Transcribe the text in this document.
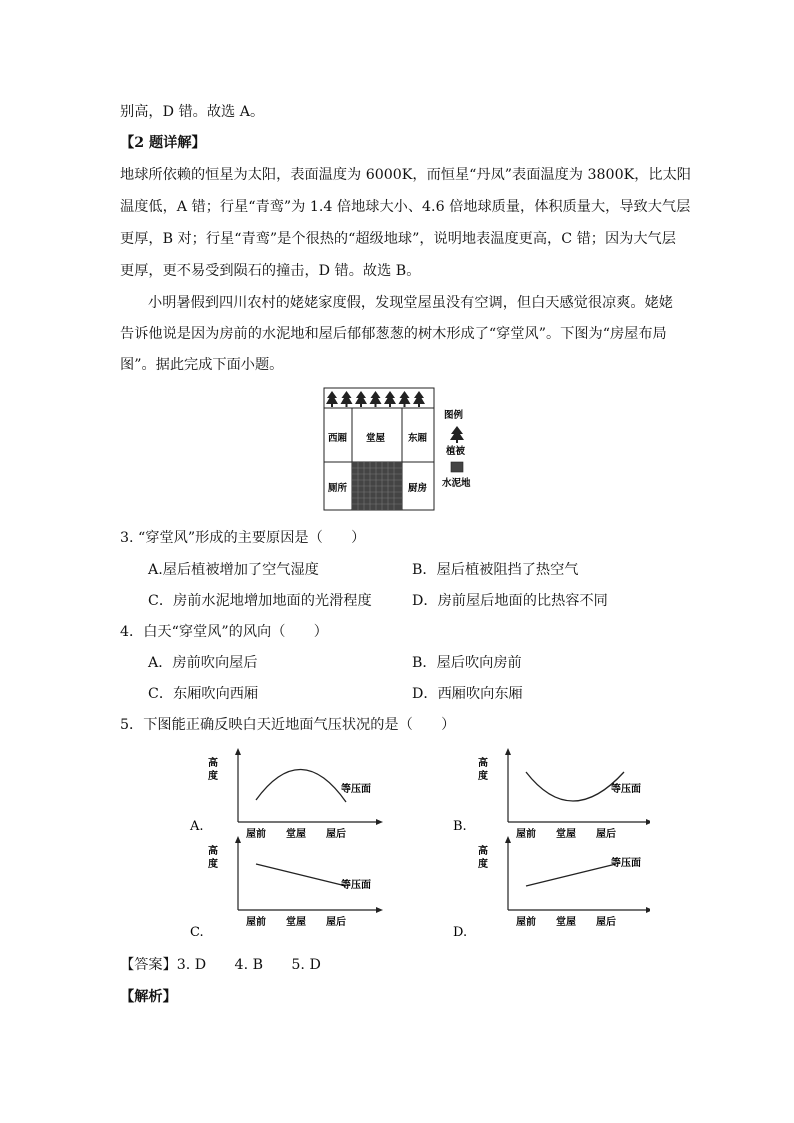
别高，D 错。故选 A。
【2 题详解】
地球所依赖的恒星为太阳，表面温度为 6000K，而恒星“丹凤”表面温度为 3800K，比太阳
温度低，A 错；行星“青鸾”为 1.4 倍地球大小、4.6 倍地球质量，体积质量大，导致大气层
更厚，B 对；行星“青鸾”是个很热的“超级地球”，说明地表温度更高，C 错；因为大气层
更厚，更不易受到陨石的撞击，D 错。故选 B。
小明暑假到四川农村的姥姥家度假，发现堂屋虽没有空调，但白天感觉很凉爽。姥姥
告诉他说是因为房前的水泥地和屋后郁郁葱葱的树木形成了“穿堂风”。下图为“房屋布局
图”。据此完成下面小题。
西厢 堂屋 东厢
厕所	厨房
图例
植被
水泥地
3. “穿堂风”形成的主要原因是（　　）
A.屋后植被增加了空气湿度	B．屋后植被阻挡了热空气
C．房前水泥地增加地面的光滑程度	D．房前屋后地面的比热容不同
4．白天“穿堂风”的风向（　　）
A．房前吹向屋后	B．屋后吹向房前
C．东厢吹向西厢	D．西厢吹向东厢
5．下图能正确反映白天近地面气压状况的是（　　）
高
度
屋前 堂屋 屋后
等压面
A.
高
度
屋前 堂屋 屋后
等压面
B.
高
度
屋前 堂屋 屋后
等压面
C.
高
度
屋前 堂屋 屋后
等压面
D.
【答案】3. D　　4. B　　5. D
【解析】
